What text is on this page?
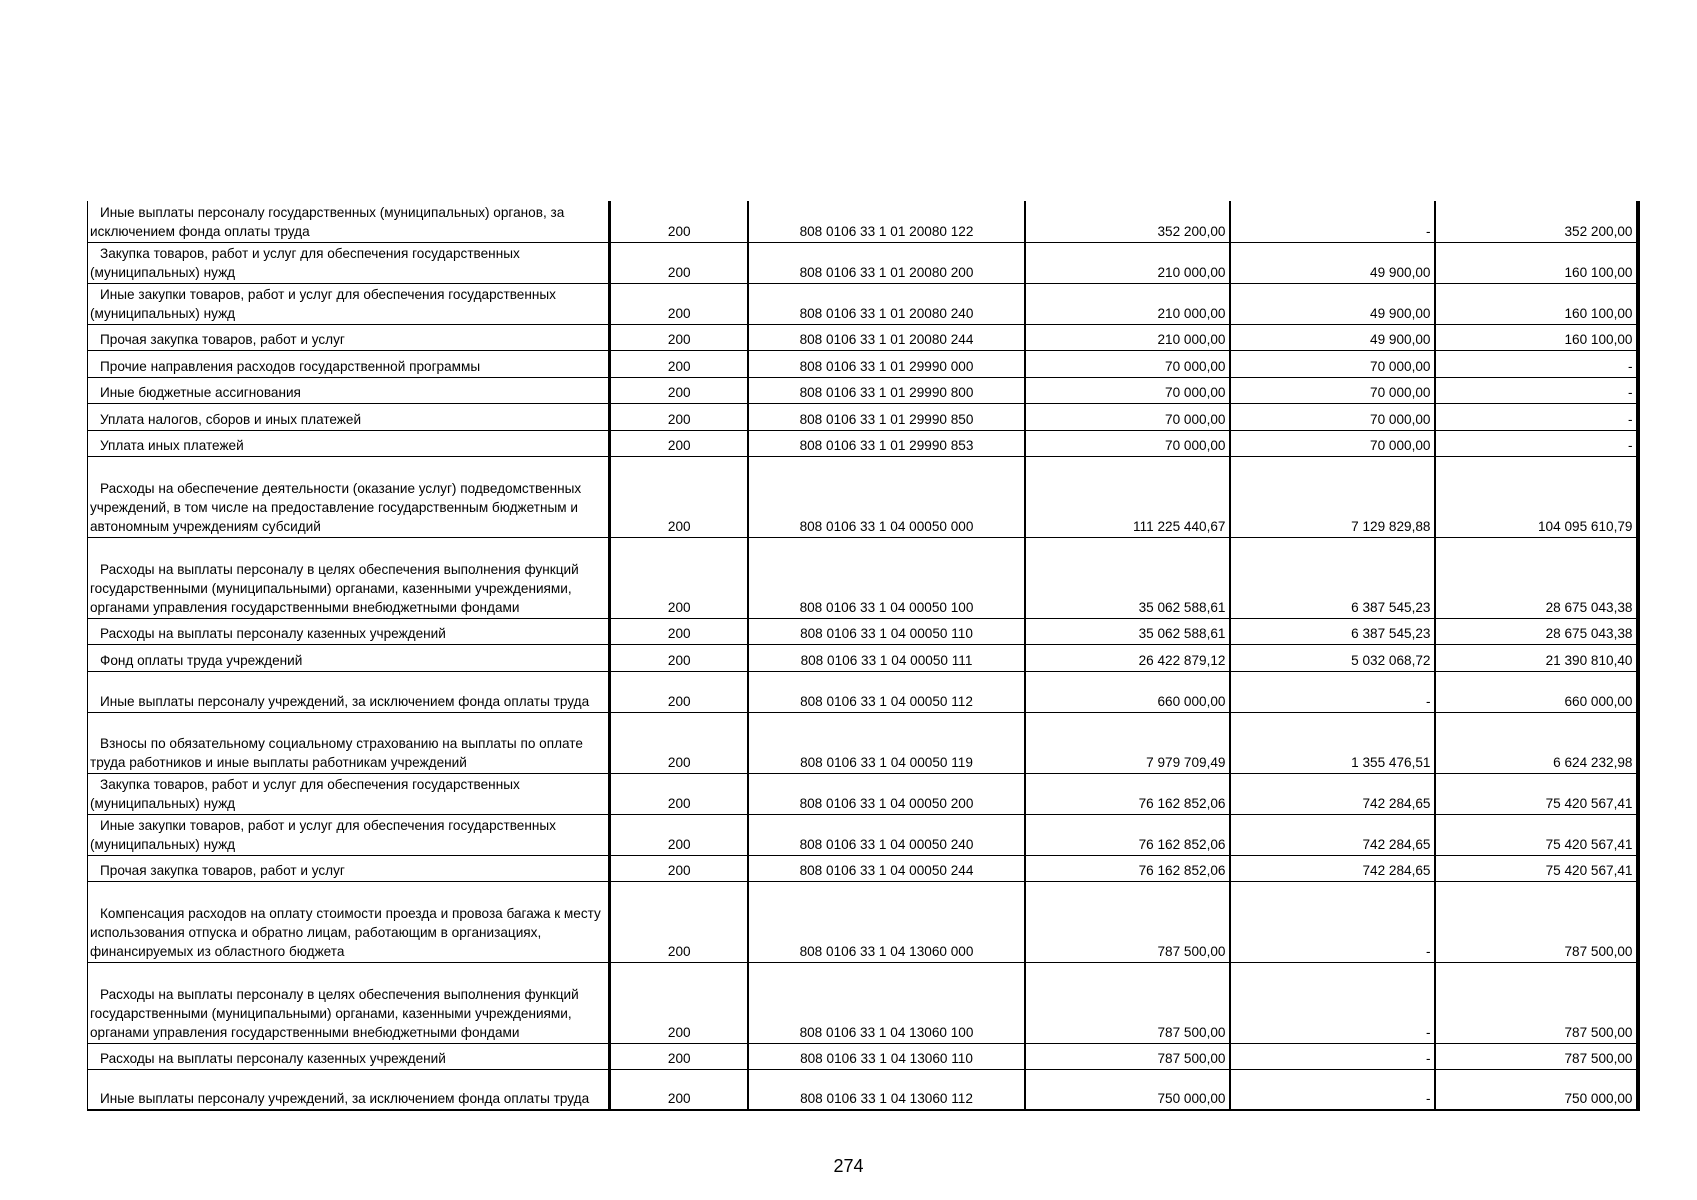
Иные выплаты персоналу государственных (муниципальных) органов, за исключением фонда оплаты труда	200	808 0106 33 1 01 20080 122	352 200,00	-	352 200,00

Закупка товаров, работ и услуг для обеспечения государственных (муниципальных) нужд	200	808 0106 33 1 01 20080 200	210 000,00	49 900,00	160 100,00

Иные закупки товаров, работ и услуг для обеспечения государственных (муниципальных) нужд	200	808 0106 33 1 01 20080 240	210 000,00	49 900,00	160 100,00

Прочая закупка товаров, работ и услуг	200	808 0106 33 1 01 20080 244	210 000,00	49 900,00	160 100,00

Прочие направления расходов государственной программы	200	808 0106 33 1 01 29990 000	70 000,00	70 000,00	-

Иные бюджетные ассигнования	200	808 0106 33 1 01 29990 800	70 000,00	70 000,00	-

Уплата налогов, сборов и иных платежей	200	808 0106 33 1 01 29990 850	70 000,00	70 000,00	-

Уплата иных платежей	200	808 0106 33 1 01 29990 853	70 000,00	70 000,00	-

Расходы на обеспечение деятельности (оказание услуг) подведомственных учреждений, в том числе на предоставление государственным бюджетным и автономным учреждениям субсидий	200	808 0106 33 1 04 00050 000	111 225 440,67	7 129 829,88	104 095 610,79

Расходы на выплаты персоналу в целях обеспечения выполнения функций государственными (муниципальными) органами, казенными учреждениями, органами управления государственными внебюджетными фондами	200	808 0106 33 1 04 00050 100	35 062 588,61	6 387 545,23	28 675 043,38

Расходы на выплаты персоналу казенных учреждений	200	808 0106 33 1 04 00050 110	35 062 588,61	6 387 545,23	28 675 043,38

Фонд оплаты труда учреждений	200	808 0106 33 1 04 00050 111	26 422 879,12	5 032 068,72	21 390 810,40

Иные выплаты персоналу учреждений, за исключением фонда оплаты труда	200	808 0106 33 1 04 00050 112	660 000,00	-	660 000,00

Взносы по обязательному социальному страхованию на выплаты по оплате труда работников и иные выплаты работникам учреждений	200	808 0106 33 1 04 00050 119	7 979 709,49	1 355 476,51	6 624 232,98

Закупка товаров, работ и услуг для обеспечения государственных (муниципальных) нужд	200	808 0106 33 1 04 00050 200	76 162 852,06	742 284,65	75 420 567,41

Иные закупки товаров, работ и услуг для обеспечения государственных (муниципальных) нужд	200	808 0106 33 1 04 00050 240	76 162 852,06	742 284,65	75 420 567,41

Прочая закупка товаров, работ и услуг	200	808 0106 33 1 04 00050 244	76 162 852,06	742 284,65	75 420 567,41

Компенсация расходов на оплату стоимости проезда и провоза багажа к месту использования отпуска и обратно лицам, работающим в организациях, финансируемых из областного бюджета	200	808 0106 33 1 04 13060 000	787 500,00	-	787 500,00

Расходы на выплаты персоналу в целях обеспечения выполнения функций государственными (муниципальными) органами, казенными учреждениями, органами управления государственными внебюджетными фондами	200	808 0106 33 1 04 13060 100	787 500,00	-	787 500,00

Расходы на выплаты персоналу казенных учреждений	200	808 0106 33 1 04 13060 110	787 500,00	-	787 500,00

Иные выплаты персоналу учреждений, за исключением фонда оплаты труда	200	808 0106 33 1 04 13060 112	750 000,00	-	750 000,00
274
